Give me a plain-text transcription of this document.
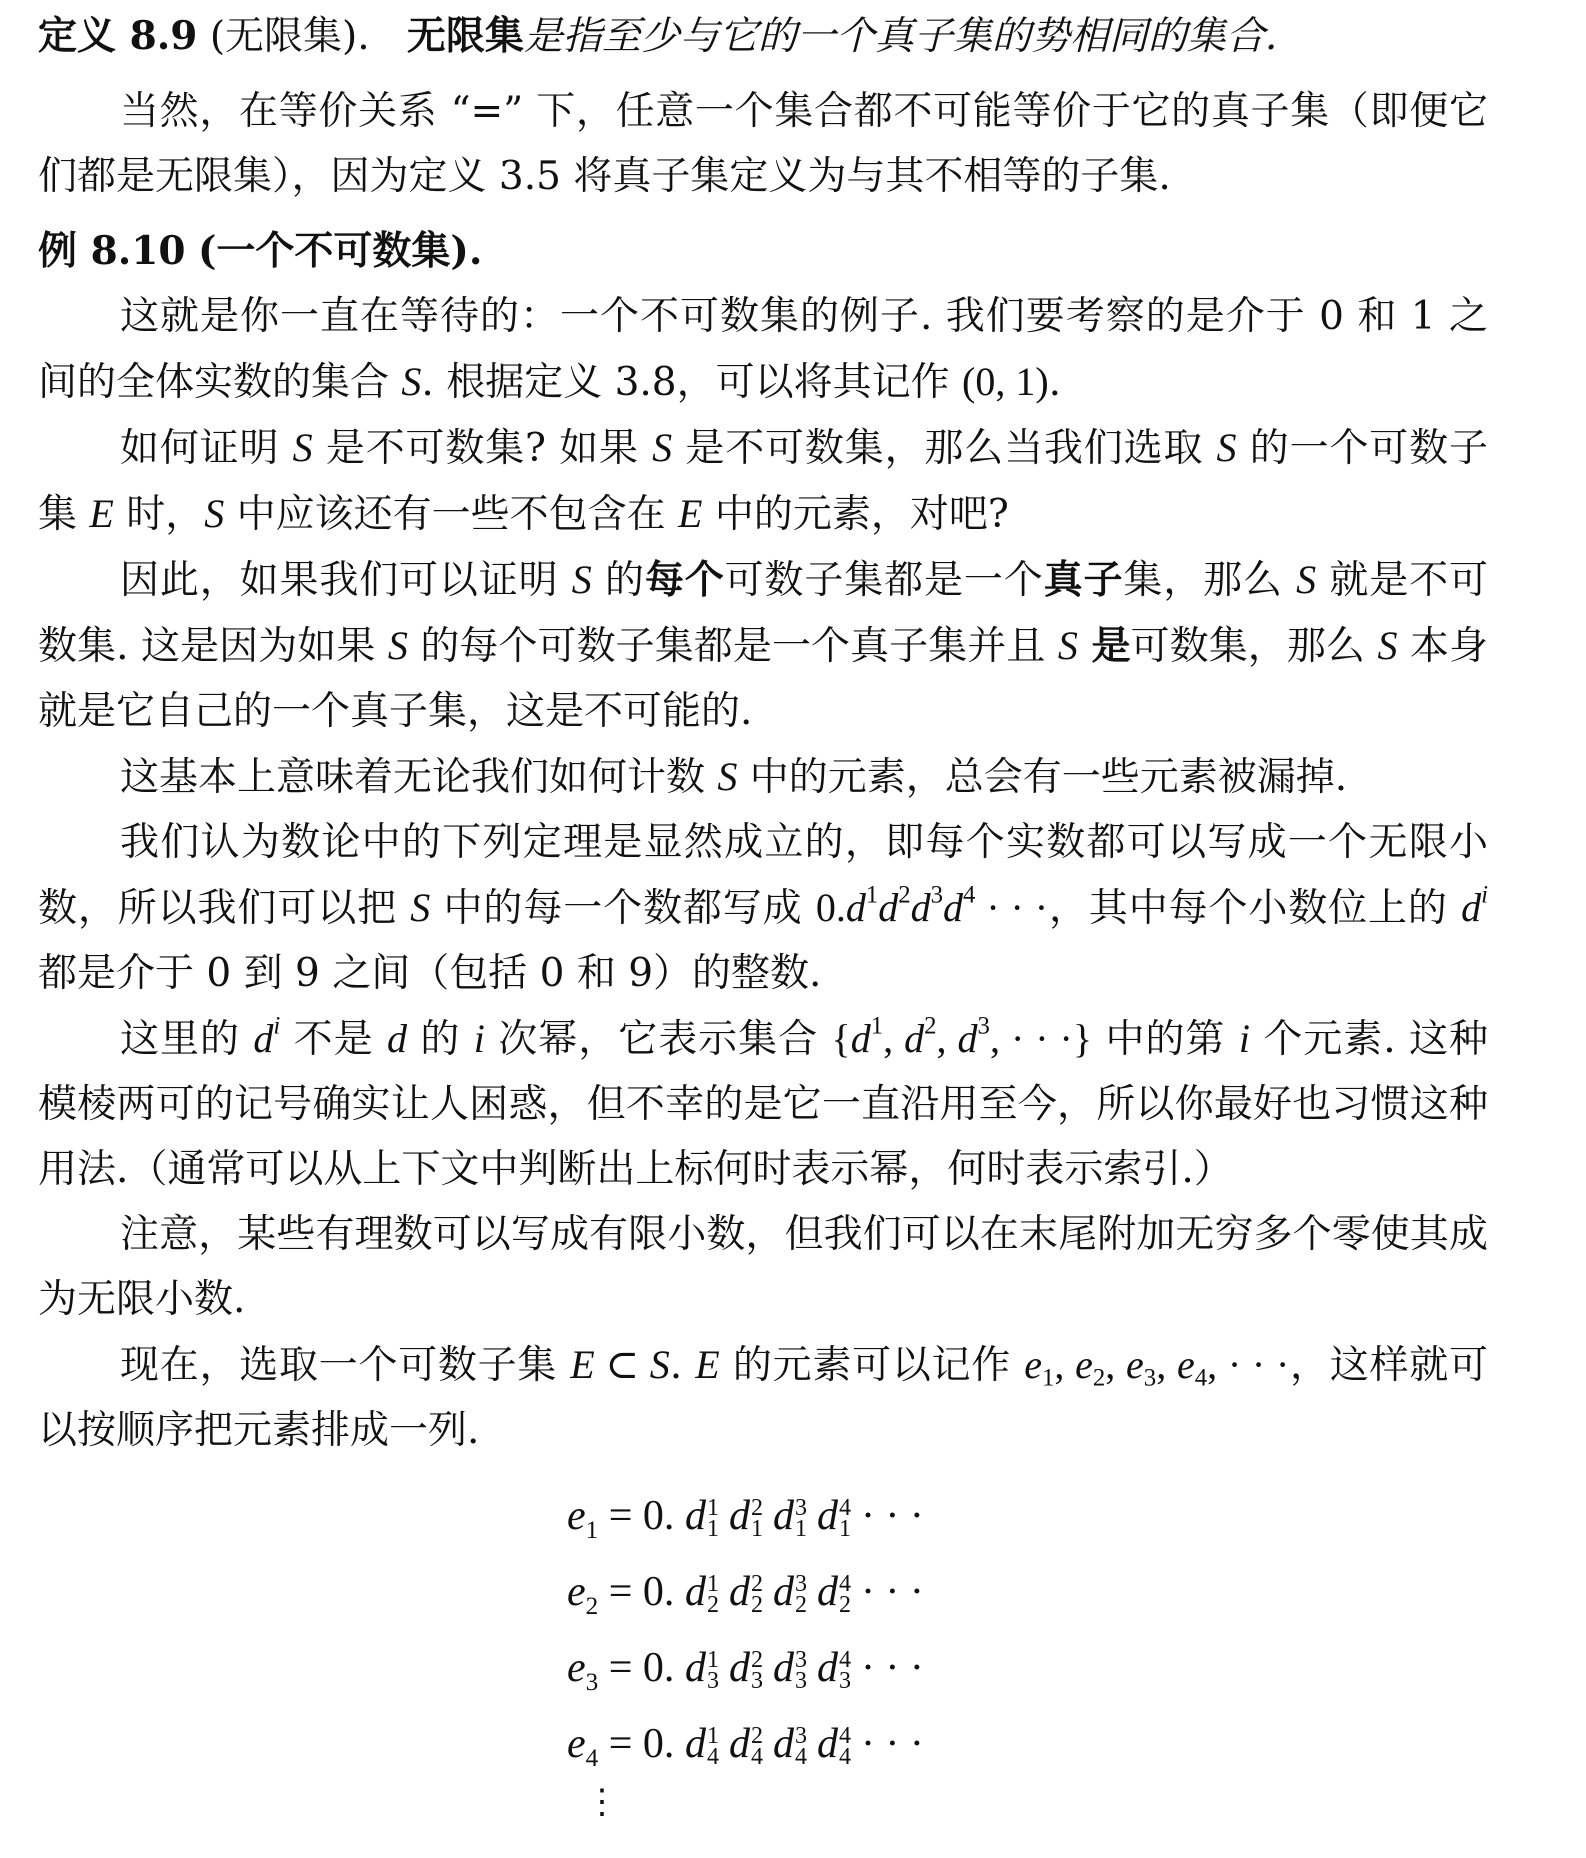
定义 8.9 (无限集). 无限集是指至少与它的一个真子集的势相同的集合.

当然，在等价关系 “=” 下，任意一个集合都不可能等价于它的真子集（即便它们都是无限集），因为定义 3.5 将真子集定义为与其不相等的子集.

例 8.10 (一个不可数集).

这就是你一直在等待的：一个不可数集的例子. 我们要考察的是介于 0 和 1 之间的全体实数的集合 S. 根据定义 3.8，可以将其记作 (0, 1).

如何证明 S 是不可数集? 如果 S 是不可数集，那么当我们选取 S 的一个可数子集 E 时，S 中应该还有一些不包含在 E 中的元素，对吧?

因此，如果我们可以证明 S 的每个可数子集都是一个真子集，那么 S 就是不可数集. 这是因为如果 S 的每个可数子集都是一个真子集并且 S 是可数集，那么 S 本身就是它自己的一个真子集，这是不可能的.

这基本上意味着无论我们如何计数 S 中的元素，总会有一些元素被漏掉.

我们认为数论中的下列定理是显然成立的，即每个实数都可以写成一个无限小数，所以我们可以把 S 中的每一个数都写成 $0.d^1d^2d^3d^4$ · · ·，其中每个小数位上的 $d^i$ 都是介于 0 到 9 之间（包括 0 和 9）的整数.

这里的 $d^i$ 不是 d 的 i 次幂，它表示集合 {$d^1$, $d^2$, $d^3$, · · ·} 中的第 i 个元素. 这种模棱两可的记号确实让人困惑，但不幸的是它一直沿用至今，所以你最好也习惯这种用法.（通常可以从上下文中判断出上标何时表示幂，何时表示索引.）

注意，某些有理数可以写成有限小数，但我们可以在末尾附加无穷多个零使其成为无限小数.

现在，选取一个可数子集 E ⊂ S. E 的元素可以记作 $e_1$, $e_2$, $e_3$, $e_4$, · · ·，这样就可以按顺序把元素排成一列.

$e_1 = 0$. d 1
1 d 2
1 d 3
1 d 4
1 · · ·
$e_2 = 0$. d 1
2 d 2
2 d 3
2 d 4
2 · · ·
$e_3 = 0$. d 1
3 d 2
3 d 3
3 d 4
3 · · ·
$e_4 = 0$. d 1
4 d 2
4 d 3
4 d 4
4 · · ·
⋮
